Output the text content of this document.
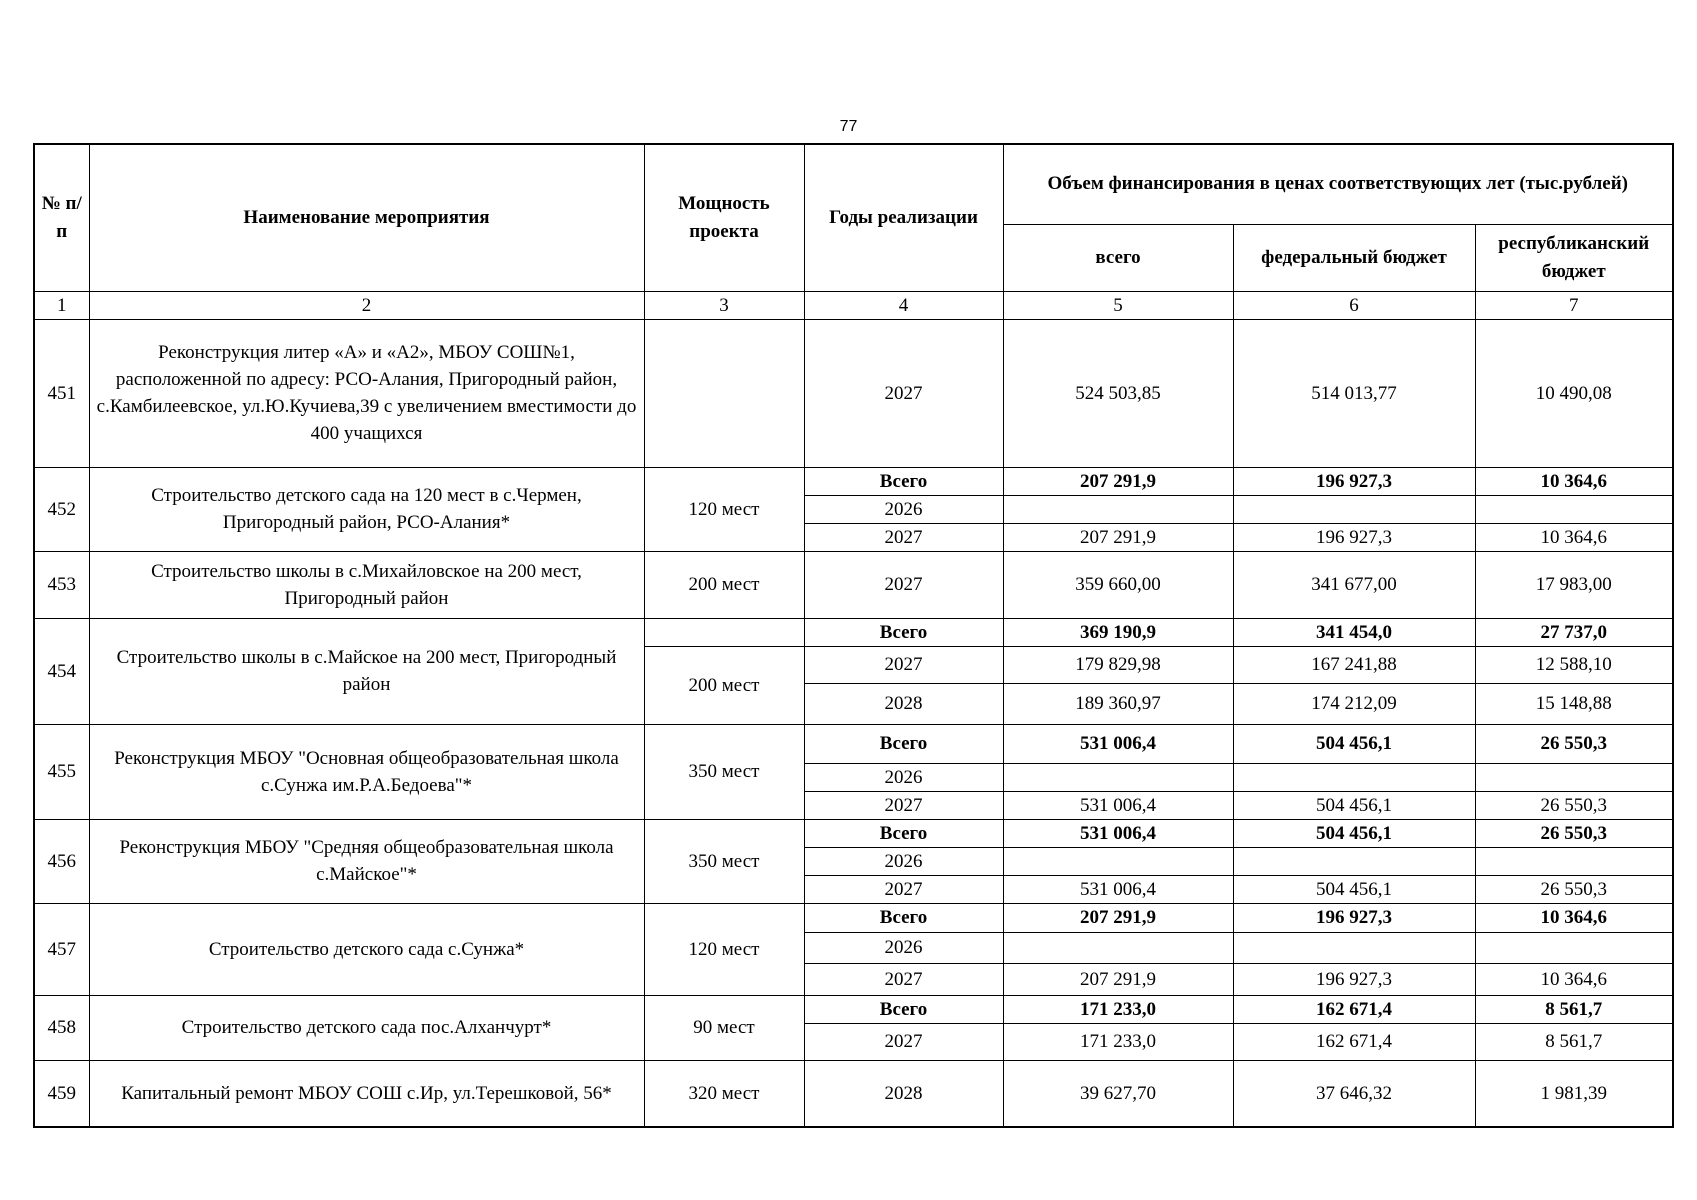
77
№ п/п	Наименование мероприятия	Мощность проекта	Годы реализации	Объем финансирования в ценах соответствующих лет (тыс.рублей)		
				всего	федеральный бюджет	республиканский бюджет
1	2	3	4	5	6	7
451	Реконструкция литер «А» и «А2», МБОУ СОШ№1, расположенной по адресу: РСО-Алания, Пригородный район, с.Камбилеевское, ул.Ю.Кучиева,39 с увеличением вместимости до 400 учащихся		2027	524 503,85	514 013,77	10 490,08
452	Строительство детского сада на 120 мест в с.Чермен, Пригородный район, РСО-Алания*	120 мест	Всего	207 291,9	196 927,3	10 364,6
			2026			
			2027	207 291,9	196 927,3	10 364,6
453	Строительство школы в с.Михайловское на 200 мест, Пригородный район	200 мест	2027	359 660,00	341 677,00	17 983,00
454	Строительство школы в с.Майское на 200 мест, Пригородный район		Всего	369 190,9	341 454,0	27 737,0
		200 мест	2027	179 829,98	167 241,88	12 588,10
			2028	189 360,97	174 212,09	15 148,88
455	Реконструкция МБОУ "Основная общеобразовательная школа с.Сунжа им.Р.А.Бедоева"*	350 мест	Всего	531 006,4	504 456,1	26 550,3
			2026			
			2027	531 006,4	504 456,1	26 550,3
456	Реконструкция МБОУ "Средняя общеобразовательная школа с.Майское"*	350 мест	Всего	531 006,4	504 456,1	26 550,3
			2026			
			2027	531 006,4	504 456,1	26 550,3
457	Строительство детского сада с.Сунжа*	120 мест	Всего	207 291,9	196 927,3	10 364,6
			2026			
			2027	207 291,9	196 927,3	10 364,6
458	Строительство детского сада пос.Алханчурт*	90 мест	Всего	171 233,0	162 671,4	8 561,7
			2027	171 233,0	162 671,4	8 561,7
459	Капитальный ремонт МБОУ СОШ с.Ир, ул.Терешковой, 56*	320 мест	2028	39 627,70	37 646,32	1 981,39
